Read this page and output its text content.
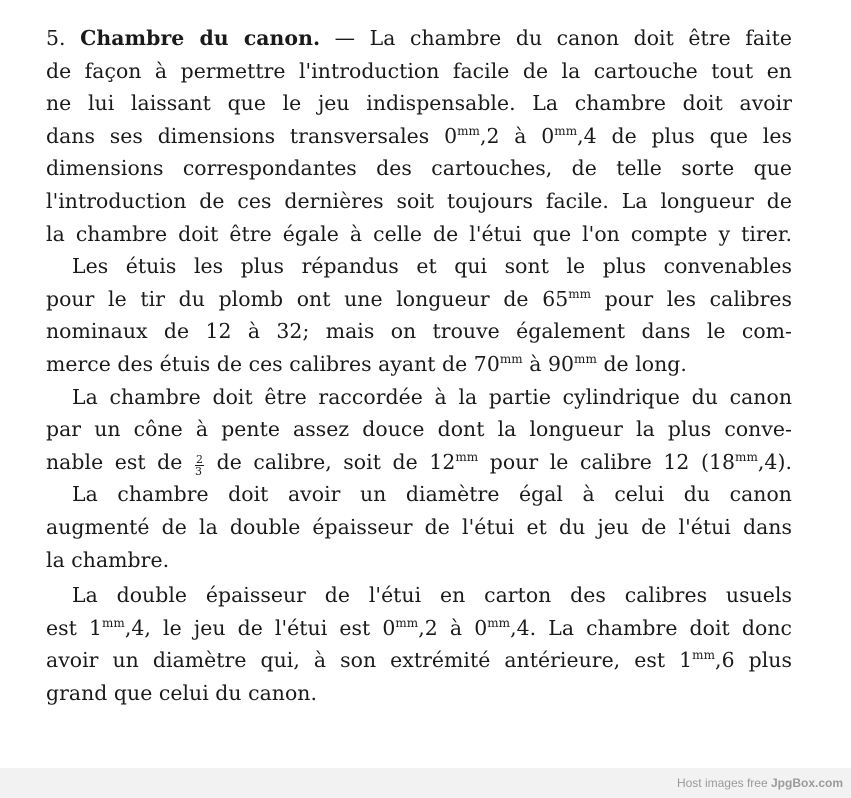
5. Chambre du canon. — La chambre du canon doit être faite
de façon à permettre l'introduction facile de la cartouche tout en
ne lui laissant que le jeu indispensable. La chambre doit avoir
dans ses dimensions transversales $0^{mm},2$ à $0^{mm},4$ de plus que les
dimensions correspondantes des cartouches, de telle sorte que
l'introduction de ces dernières soit toujours facile. La longueur de
la chambre doit être égale à celle de l'étui que l'on compte y tirer.
Les étuis les plus répandus et qui sont le plus convenables
pour le tir du plomb ont une longueur de $65^{mm}$ pour les calibres
nominaux de 12 à 32; mais on trouve également dans le com-
merce des étuis de ces calibres ayant de $70^{mm}$ à $90^{mm}$ de long.
La chambre doit être raccordée à la partie cylindrique du canon
par un cône à pente assez douce dont la longueur la plus conve-
nable est de $\frac{2}{3}$ de calibre, soit de $12^{mm}$ pour le calibre 12 $(18^{mm},4)$.
La chambre doit avoir un diamètre égal à celui du canon
augmenté de la double épaisseur de l'étui et du jeu de l'étui dans
la chambre.
La double épaisseur de l'étui en carton des calibres usuels
est $1^{mm},4$, le jeu de l'étui est $0^{mm},2$ à $0^{mm},4$. La chambre doit donc
avoir un diamètre qui, à son extrémité antérieure, est $1^{mm},6$ plus
grand que celui du canon.
Host images free JpgBox.com
